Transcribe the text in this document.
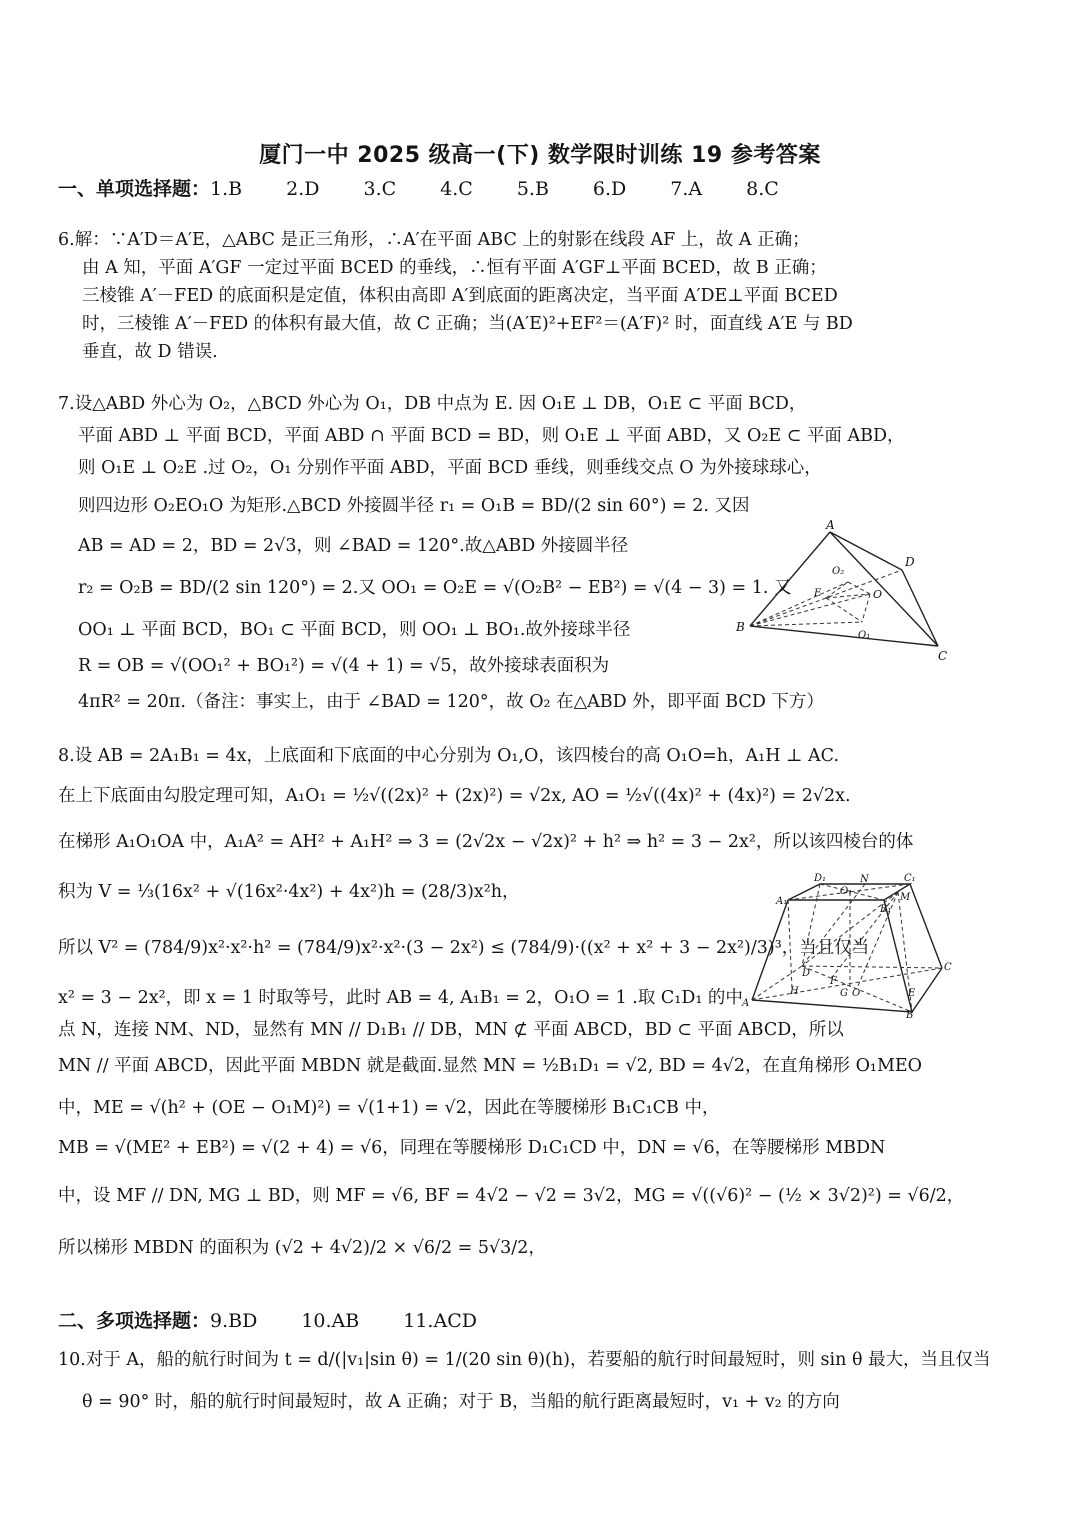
厦门一中 2025 级高一(下) 数学限时训练 19 参考答案
一、单项选择题：1.B 2.D 3.C 4.C 5.B 6.D 7.A 8.C
6.解：∵A′D＝A′E，△ABC 是正三角形，∴A′在平面 ABC 上的射影在线段 AF 上，故 A 正确；
由 A 知，平面 A′GF 一定过平面 BCED 的垂线，∴恒有平面 A′GF⊥平面 BCED，故 B 正确；
三棱锥 A′－FED 的底面积是定值，体积由高即 A′到底面的距离决定，当平面 A′DE⊥平面 BCED
时，三棱锥 A′－FED 的体积有最大值，故 C 正确；当(A′E)²+EF²＝(A′F)² 时，面直线 A′E 与 BD
垂直，故 D 错误.
7.设△ABD 外心为 O₂，△BCD 外心为 O₁，DB 中点为 E. 因 O₁E ⊥ DB，O₁E ⊂ 平面 BCD，
平面 ABD ⊥ 平面 BCD，平面 ABD ∩ 平面 BCD = BD，则 O₁E ⊥ 平面 ABD，又 O₂E ⊂ 平面 ABD，
则 O₁E ⊥ O₂E .过 O₂，O₁ 分别作平面 ABD，平面 BCD 垂线，则垂线交点 O 为外接球球心，
则四边形 O₂EO₁O 为矩形.△BCD 外接圆半径 r₁ = O₁B = BD/(2 sin 60°) = 2. 又因
AB = AD = 2，BD = 2√3，则 ∠BAD = 120°.故△ABD 外接圆半径
r₂ = O₂B = BD/(2 sin 120°) = 2.又 OO₁ = O₂E = √(O₂B² − EB²) = √(4 − 3) = 1. 又
OO₁ ⊥ 平面 BCD，BO₁ ⊂ 平面 BCD，则 OO₁ ⊥ BO₁.故外接球半径
R = OB = √(OO₁² + BO₁²) = √(4 + 1) = √5，故外接球表面积为
4πR² = 20π.（备注：事实上，由于 ∠BAD = 120°，故 O₂ 在△ABD 外，即平面 BCD 下方）
A
D
O₂
E	O
O₁
B
C
8.设 AB = 2A₁B₁ = 4x，上底面和下底面的中心分别为 O₁,O，该四棱台的高 O₁O=h，A₁H ⊥ AC.
在上下底面由勾股定理可知，A₁O₁ = ½√((2x)² + (2x)²) = √2x, AO = ½√((4x)² + (4x)²) = 2√2x.
在梯形 A₁O₁OA 中，A₁A² = AH² + A₁H² ⇒ 3 = (2√2x − √2x)² + h² ⇒ h² = 3 − 2x²，所以该四棱台的体
积为 V = ⅓(16x² + √(16x²·4x²) + 4x²)h = (28/3)x²h，
所以 V² = (784/9)x²·x²·h² = (784/9)x²·x²·(3 − 2x²) ≤ (784/9)·((x² + x² + 3 − 2x²)/3)³，当且仅当
x² = 3 − 2x²，即 x = 1 时取等号，此时 AB = 4, A₁B₁ = 2，O₁O = 1 .取 C₁D₁ 的中
点 N，连接 NM、ND，显然有 MN // D₁B₁ // DB，MN ⊄ 平面 ABCD，BD ⊂ 平面 ABCD，所以
MN // 平面 ABCD，因此平面 MBDN 就是截面.显然 MN = ½B₁D₁ = √2, BD = 4√2，在直角梯形 O₁MEO
中，ME = √(h² + (OE − O₁M)²) = √(1+1) = √2，因此在等腰梯形 B₁C₁CB 中，
MB = √(ME² + EB²) = √(2 + 4) = √6，同理在等腰梯形 D₁C₁CD 中，DN = √6，在等腰梯形 MBDN
中，设 MF // DN, MG ⊥ BD，则 MF = √6, BF = 4√2 − √2 = 3√2，MG = √((√6)² − (½ × 3√2)²) = √6/2，
所以梯形 MBDN 的面积为 (√2 + 4√2)/2 × √6/2 = 5√3/2，
D₁	N	C₁
A₁
O₁
M
B₁
D
C
H
F
O
G	E
A
B
二、多项选择题：9.BD 10.AB 11.ACD
10.对于 A，船的航行时间为 t = d/(|v₁|sin θ) = 1/(20 sin θ)(h)，若要船的航行时间最短时，则 sin θ 最大，当且仅当
θ = 90° 时，船的航行时间最短时，故 A 正确；对于 B，当船的航行距离最短时，v₁ + v₂ 的方向
